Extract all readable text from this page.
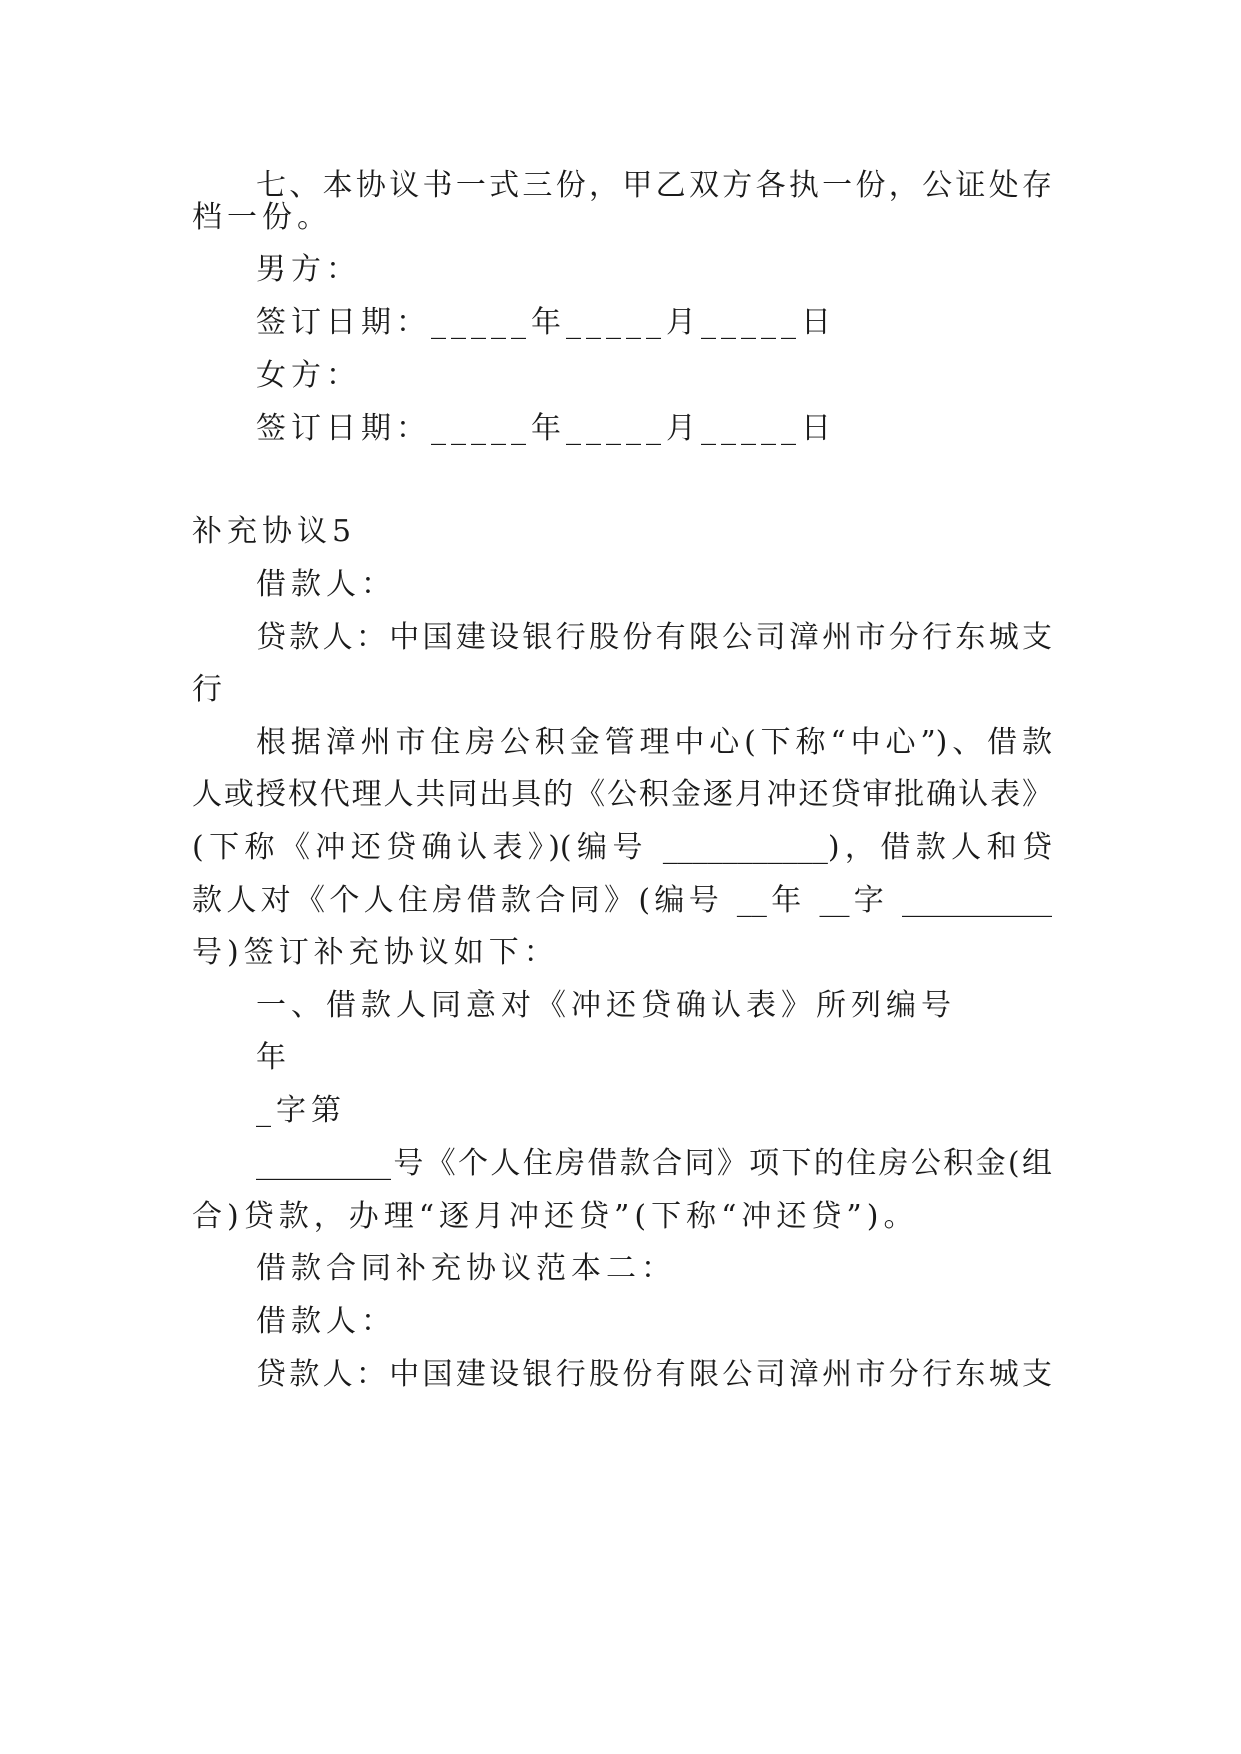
七、本协议书一式三份，甲乙双方各执一份，公证处存
档一份。
男方：
签订日期：_____年_____月_____日
女方：
签订日期：_____年_____月_____日
补充协议5
借款人：
贷款人：中国建设银行股份有限公司漳州市分行东城支
行
根据漳州市住房公积金管理中心(下称“中心”)、借款
人或授权代理人共同出具的《公积金逐月冲还贷审批确认表》
(下称《冲还贷确认表》)(编号 ___________)，借款人和贷
款人对《个人住房借款合同》(编号 __年 __字 __________
号)签订补充协议如下：
一、借款人同意对《冲还贷确认表》所列编号
年
_字第
_________号《个人住房借款合同》项下的住房公积金(组
合)贷款，办理“逐月冲还贷”(下称“冲还贷”)。
借款合同补充协议范本二：
借款人：
贷款人：中国建设银行股份有限公司漳州市分行东城支
